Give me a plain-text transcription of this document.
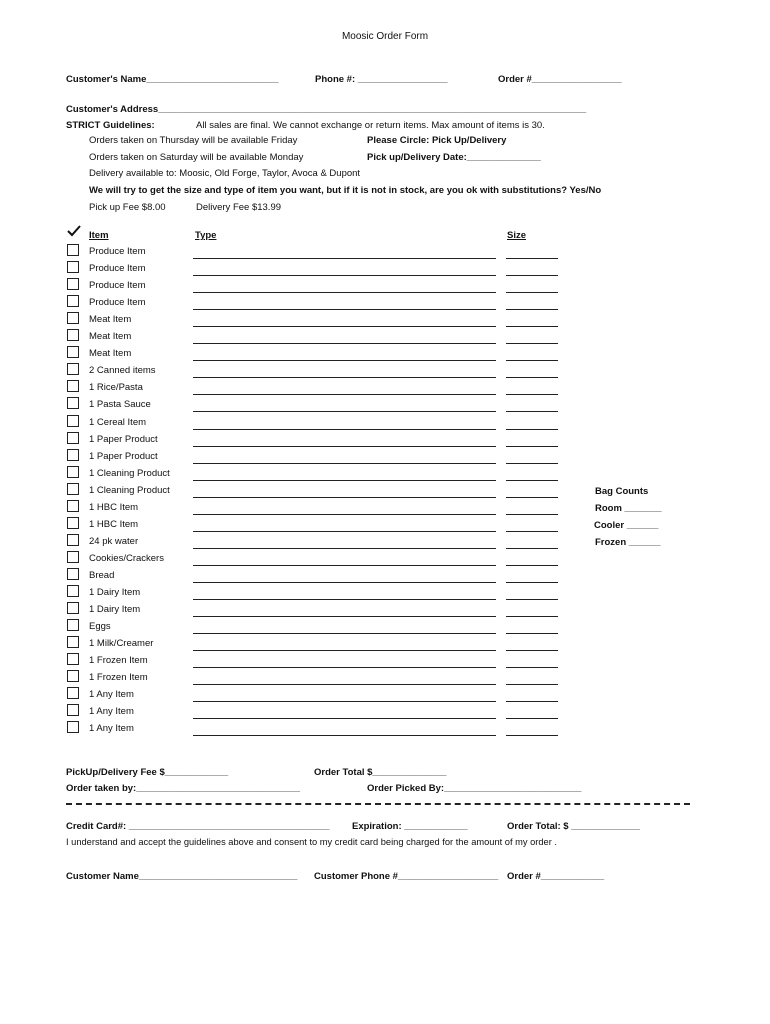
Moosic Order Form
Customer's Name_________________________	Phone #: _________________	Order #_________________
Customer's Address_________________________________________________________________________________
STRICT Guidelines:	All sales are final. We cannot exchange or return items. Max amount of items is 30.
Orders taken on Thursday will be available Friday	Please Circle: Pick Up/Delivery
Orders taken on Saturday will be available Monday	Pick up/Delivery Date:______________
Delivery available to: Moosic, Old Forge, Taylor, Avoca & Dupont
We will try to get the size and type of item you want, but if it is not in stock, are you ok with substitutions? Yes/No
Pick up Fee $8.00	Delivery Fee $13.99
Item	Type	Size
Produce Item
Produce Item
Produce Item
Produce Item
Meat Item
Meat Item
Meat Item
2 Canned items
1 Rice/Pasta
1 Pasta Sauce
1 Cereal Item
1 Paper Product
1 Paper Product
1 Cleaning Product
1 Cleaning Product
1 HBC Item
1 HBC Item
24 pk water
Cookies/Crackers
Bread
1 Dairy Item
1 Dairy Item
Eggs
1 Milk/Creamer
1 Frozen Item
1 Frozen Item
1 Any Item
1 Any Item
1 Any Item
Bag Counts
Room _______
Cooler ______
Frozen ______
PickUp/Delivery Fee $____________	Order Total $______________
Order taken by:_______________________________	Order Picked By:__________________________
Credit Card#: ______________________________________ Expiration: ____________	Order Total: $ _____________
I understand and accept the guidelines above and consent to my credit card being charged for the amount of my order .
Customer Name______________________________ Customer Phone #___________________ Order #____________
